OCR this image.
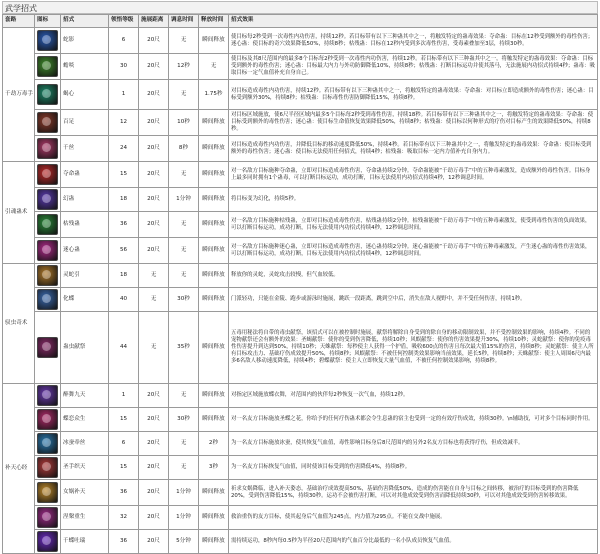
武学招式
套路	图标	招式	领悟等级	施展距离	调息时间	释放时间	招式效果
千劫万毒手		蛇影	6	20尺	无	瞬间释放	使目标每2秒受到一次毒性内功伤害，持续12秒。若目标带有以下三种蛊其中之一，将触发特定的蛊毒效果：夺命蛊：目标在12秒受到额外的毒性伤害；迷心蛊：使目标的奇穴效果降低50%，持续8秒；枯残蛊：目标在12秒内受到多次毒性伤害，受毒素叠加至3层，持续30秒。

		蟾啖	30	20尺	12秒	无	使目标及其8尺范围内的最多8个目标每2秒受到一次毒性内功伤害，持续12秒。若目标带有以下三种蛊其中之一，将触发特定的蛊毒效果：夺命蛊：目标受到额外的毒性伤害；迷心蛊：目标最大内力与外功防御降低10%，持续8秒；枯残蛊：打断目标运功并使其落马，无法施展内功招式持续4秒；蛊毒：吸取目标一定气血值补充自身自己。

		蝎心	1	20尺	无	1.75秒	对目标造成毒性内功伤害，持续12秒。若目标带有以下三种蛊其中之一，将触发特定的蛊毒效果：夺命蛊：对目标立即造成额外的毒性伤害；迷心蛊：目标受到额外30%，持续8秒；枯残蛊：目标毒性伤害防御降低15%，持续8秒。

		百足	12	20尺	10秒	瞬间释放	对目标区域施放，使6尺半径区域内最多5个目标每2秒受到毒性伤害，持续18秒。若目标带有以下三种蛊其中之一，将触发特定的蛊毒效果：夺命蛊：使目标受到额外的毒性伤害；迷心蛊：使目标生命值恢复效果降低50%，持续8秒；枯残蛊：使目标以何种形式的疗伤对目标产生的效果降低50%，持续8秒。

		千丝	24	20尺	8秒	瞬间释放	对目标造成毒性内功伤害，并降低目标的移动速度降低50%，持续4秒。若目标带有以下三种蛊其中之一，将触发特定的蛊毒效果：夺命蛊：使目标受到额外的毒性伤害；迷心蛊：使目标无法使用任何招式，持续4秒；枯残蛊：吸取目标一定内力值补充自身内力。
引魂蛊术		夺命蛊	15	20尺	无	瞬间释放	对一名敌方目标施种夺命蛊，立即对目标造成毒性伤害，夺命蛊持续2分钟。夺命蛊能被“千劫万毒手”中的五种毒素激发，造成额外的毒性伤害。目标身上最多同时拥有1个蛊毒，可以打断目标运功，成功打断，目标无法使用内功招式持续4秒，12秒调息时间。

		幻蛊	18	20尺	1分钟	瞬间释放	将目标变为幻化，持续5秒。

		枯残蛊	36	20尺	无	瞬间释放	对一名敌方目标施种枯残蛊，立即对目标造成毒性伤害，枯残蛊持续2分钟。枯残蛊能被“千劫万毒手”中的五种毒素激发，使受到毒性伤害的负面效果，可以打断目标运功，成功打断，目标无法使用内功招式持续4秒，12秒调息时间。

		迷心蛊	56	20尺	无	瞬间释放	对一名敌方目标施种迷心蛊，立即对目标造成毒性伤害，迷心蛊持续2分钟。迷心蛊能被“千劫万毒手”中的五种毒素激发，产生迷心蛊的毒性伤害效果，可以打断目标运功，成功打断，目标无法使用内功招式持续4秒，12秒调息时间。
驭虫奇术		灵蛇引	18	无	无	瞬间释放	释放你的灵蛇，灵蛇攻击较慢，但气血较低。

		化蝶	40	无	30秒	瞬间释放	门派轻功，只能在金陵、跑步或游泳时施展，跳跃一段距离，跳到空中后，消失在敌人视野中，并不受任何伤害，持续1秒。

		蛊虫献祭	44	无	35秒	瞬间释放	五毒用秘法将自带的毒虫献祭，该招式可以在被控制时施展，献祭将解除自身受到的除自身的移动限制效果，并不受控制效果的影响，持续4秒。不同的宠物献祭还会有额外的效果：圣蝎献祭：使你的受到伤害降低，持续10秒；风蜈献祭：使你的伤害效果提升30%，持续10秒；灵蛇献祭：使你的免疫毒性伤害提升到达到50%，持续10秒；天蛛献祭：每秒使主人获得一个护盾，吸收600点的伤害且每次最大值15%的伤害，持续8秒；灵蛇献祭：使主人所有目标攻击力、基础疗伤成效提升50%，持续8秒；风蜈献祭：不被任何控制类效果影响当前效果，延长5秒，持续8秒；天蛛献祭：使主人周围6尺内最多6名敌人移动速度降低，持续4秒；碧蝶献祭：使主人立即恢复大量气血值，不被任何控制效果影响，持续8秒。
补天心经		醉舞九天	1	20尺	无	瞬间释放	对指定区域施放蝶衣舞，对范围内的伙伴每2秒恢复一次气血，持续12秒。

		蝶恋众生	15	20尺	30秒	瞬间释放	对一名友方目标施放圣蝶之花，你给予的任何疗伤蛊术都会令生息蛊的宿主也受到一定的有效疗伤成效，持续30秒。\n辅助技，可对多个目标同时作用。

		冰蚕牵丝	6	20尺	无	2秒	为一名友方目标施放冰蚕，使其恢复气血值，毒性影响目标身后8尺范围内的另外2名友方目标也将获得疗伤，但成效减半。

		圣手织天	15	20尺	无	3秒	为一名友方目标恢复气血值，同时使该目标受到的伤害降低4%，持续8秒。

		女娲补天	36	20尺	1分钟	瞬间释放	祈求女娲降临，进入补天姿态，基础治疗成效提高50%，基础伤害降低50%，造成的伤害能在自身与目标之间转移，被治疗的目标受到的伤害降低20%，受到伤害降低15%，持续30秒。运功不会被伤害打断，可以对其他成效受到伤害而降低持续30秒，可以对其他成效受到伤害转移效果。

		涅槃重生	32	20尺	1分钟	瞬间释放	救治重伤的友方目标，使其起身后气血值为245点，内力值为295点。不能在交战中施展。

		千蝶吐瑞	36	20尺	5分钟	瞬间释放	需持续运功，8秒内每0.5秒为半径20尺范围内的气血百分比最低的一名小队成员恢复气血值。
